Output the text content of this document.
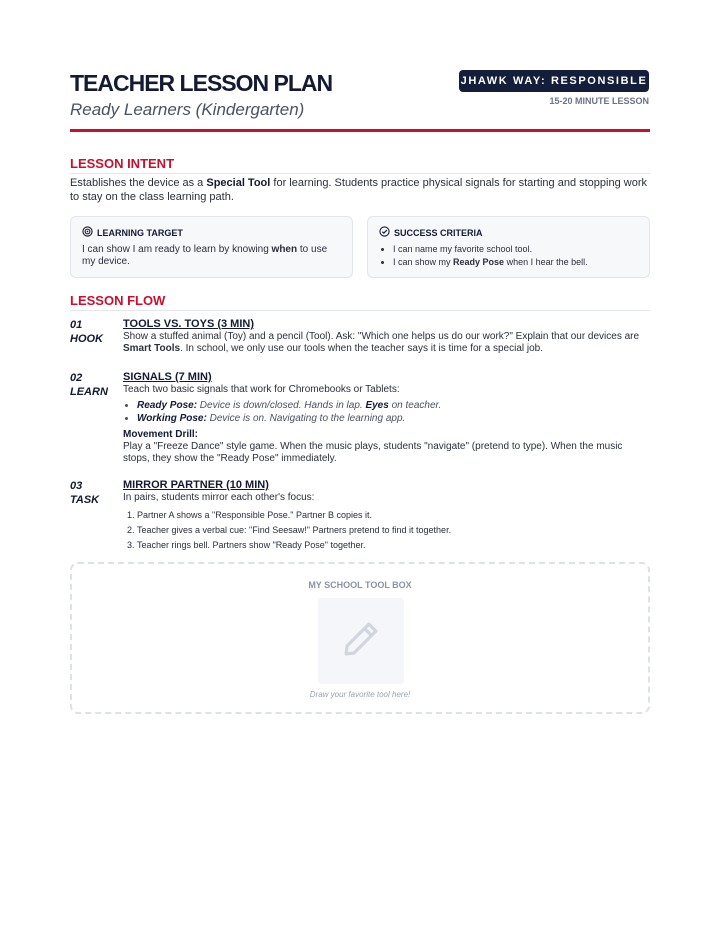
TEACHER LESSON PLAN
Ready Learners (Kindergarten)
JHAWK WAY: RESPONSIBLE
15-20 MINUTE LESSON
LESSON INTENT
Establishes the device as a Special Tool for learning. Students practice physical signals for starting and stopping work to stay on the class learning path.
LEARNING TARGET
I can show I am ready to learn by knowing when to use my device.
SUCCESS CRITERIA
• I can name my favorite school tool.
• I can show my Ready Pose when I hear the bell.
LESSON FLOW
01
HOOK
TOOLS VS. TOYS (3 MIN)

Show a stuffed animal (Toy) and a pencil (Tool). Ask: "Which one helps us do our work?" Explain that our devices are Smart Tools. In school, we only use our tools when the teacher says it is time for a special job.

02
LEARN
SIGNALS (7 MIN)

Teach two basic signals that work for Chromebooks or Tablets:

• Ready Pose: Device is down/closed. Hands in lap. Eyes on teacher.
• Working Pose: Device is on. Navigating to the learning app.
Movement Drill:

Play a "Freeze Dance" style game. When the music plays, students "navigate" (pretend to type). When the music stops, they show the "Ready Pose" immediately.

03
TASK
MIRROR PARTNER (10 MIN)

In pairs, students mirror each other's focus:

1. Partner A shows a "Responsible Pose." Partner B copies it.
2. Teacher gives a verbal cue: "Find Seesaw!" Partners pretend to find it together.
3. Teacher rings bell. Partners show "Ready Pose" together.
MY SCHOOL TOOL BOX
Draw your favorite tool here!
